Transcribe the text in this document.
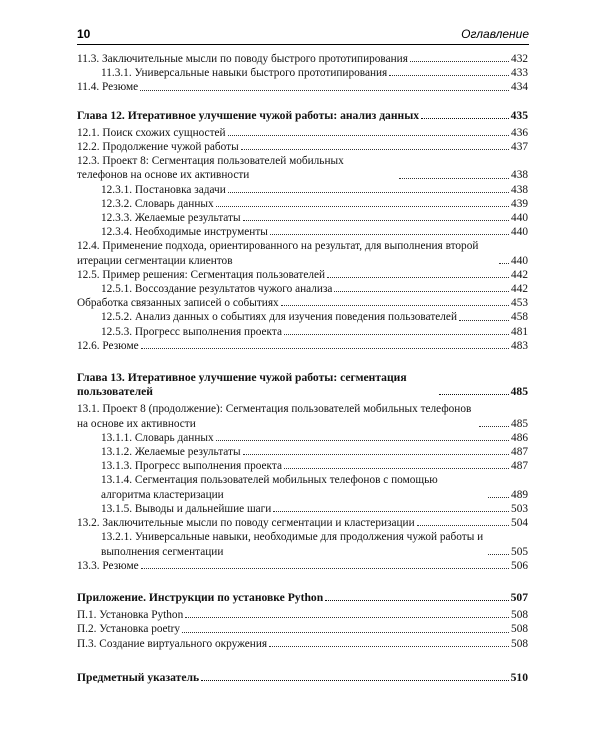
10	Оглавление
11.3. Заключительные мысли по поводу быстрого прототипирования	432
11.3.1. Универсальные навыки быстрого прототипирования	433
11.4. Резюме	434
Глава 12. Итеративное улучшение чужой работы: анализ данных	435
12.1. Поиск схожих сущностей	436
12.2. Продолжение чужой работы	437
12.3. Проект 8: Сегментация пользователей мобильных телефонов на основе их активности	438
12.3.1. Постановка задачи	438
12.3.2. Словарь данных	439
12.3.3. Желаемые результаты	440
12.3.4. Необходимые инструменты	440
12.4. Применение подхода, ориентированного на результат, для выполнения второй итерации сегментации клиентов	440
12.5. Пример решения: Сегментация пользователей	442
12.5.1. Воссоздание результатов чужого анализа	442
Обработка связанных записей о событиях	453
12.5.2. Анализ данных о событиях для изучения поведения пользователей	458
12.5.3. Прогресс выполнения проекта	481
12.6. Резюме	483
Глава 13. Итеративное улучшение чужой работы: сегментация пользователей	485
13.1. Проект 8 (продолжение): Сегментация пользователей мобильных телефонов на основе их активности	485
13.1.1. Словарь данных	486
13.1.2. Желаемые результаты	487
13.1.3. Прогресс выполнения проекта	487
13.1.4. Сегментация пользователей мобильных телефонов с помощью алгоритма кластеризации	489
13.1.5. Выводы и дальнейшие шаги	503
13.2. Заключительные мысли по поводу сегментации и кластеризации	504
13.2.1. Универсальные навыки, необходимые для продолжения чужой работы и выполнения сегментации	505
13.3. Резюме	506
Приложение. Инструкции по установке Python	507
П.1. Установка Python	508
П.2. Установка poetry	508
П.3. Создание виртуального окружения	508
Предметный указатель	510
